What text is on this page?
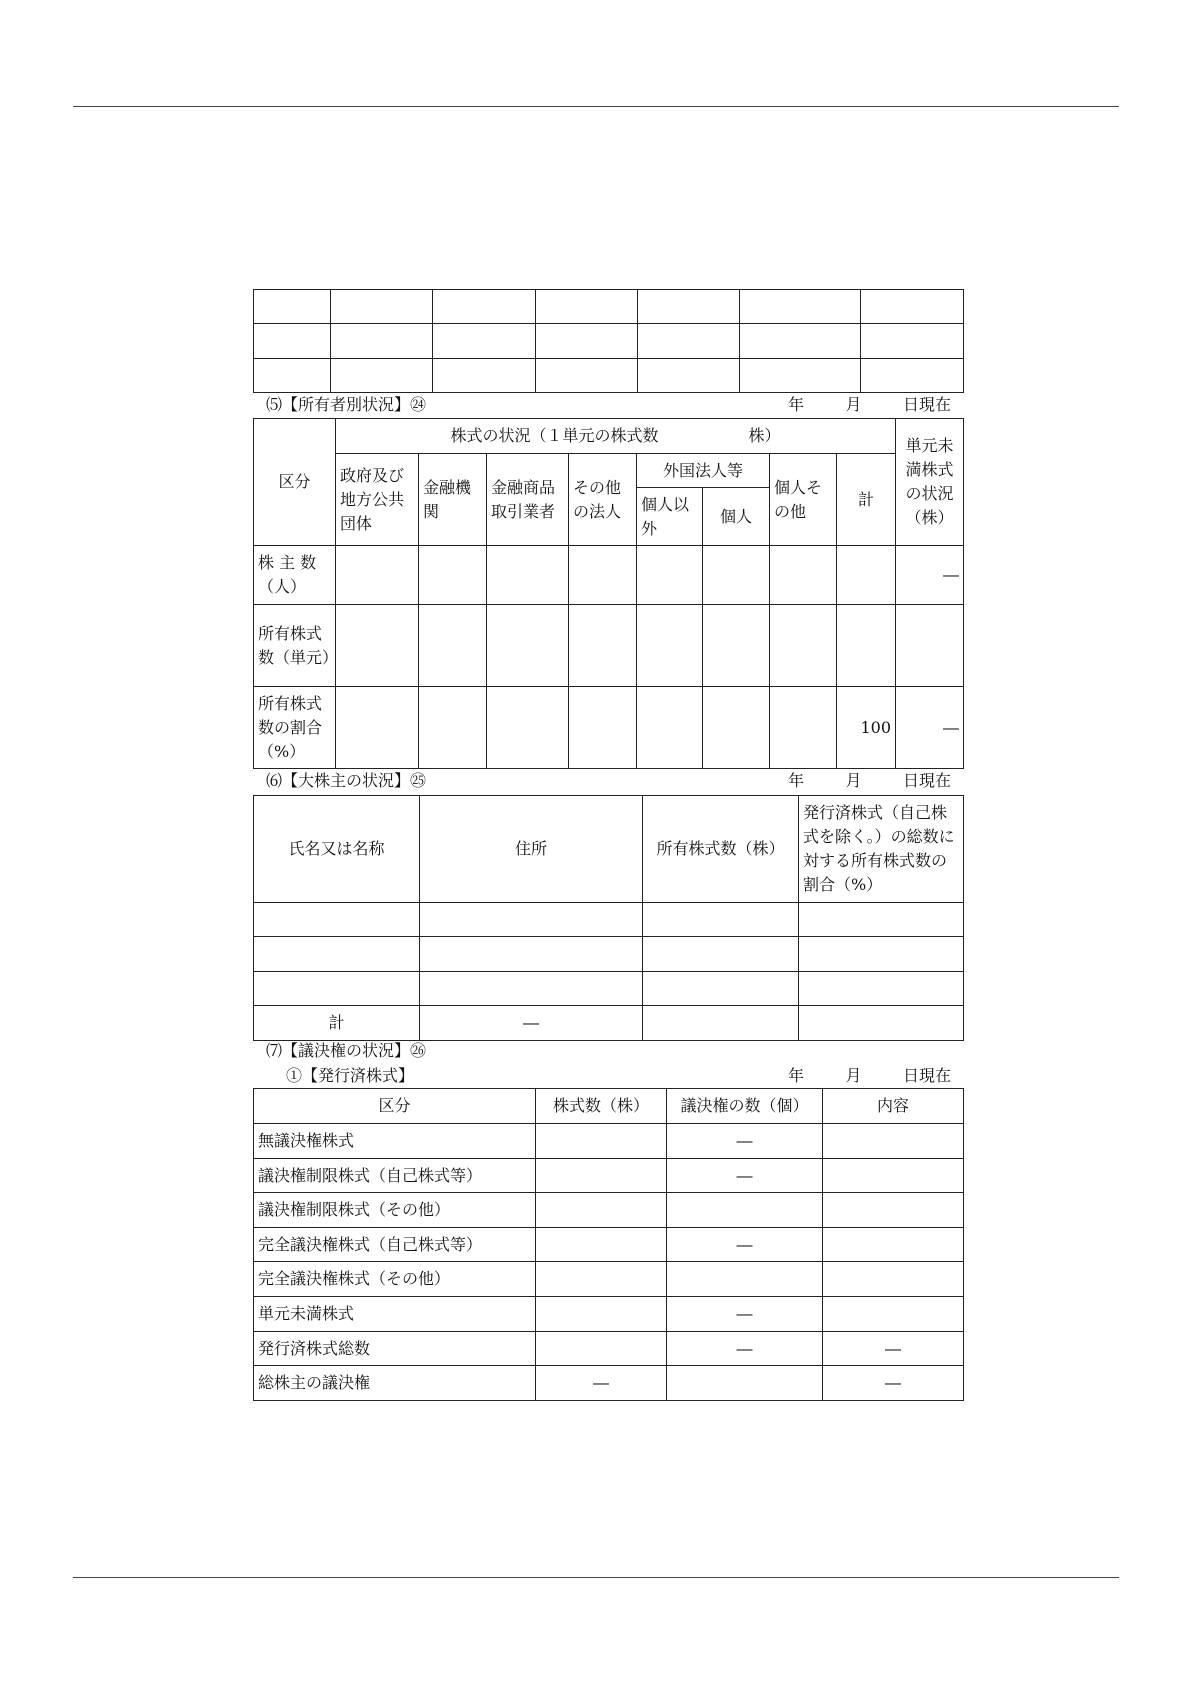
⑸【所有者別状況】㉔	年	月	日現在
区分	株式の状況（１単元の株式数 株）								単元未満株式の状況（株）
	政府及び地方公共団体	金融機関	金融商品取引業者	その他の法人	外国法人等		個人その他	計	
					個人以外	個人			
株 主 数（人）									―
所有株式数（単元）									
所有株式数の割合（%）								100	―
⑹【大株主の状況】㉕	年	月	日現在
氏名又は名称	住所	所有株式数（株）	発行済株式（自己株式を除く。）の総数に対する所有株式数の割合（%）

計	―		
⑺【議決権の状況】㉖
①【発行済株式】	年	月	日現在
区分	株式数（株）	議決権の数（個）	内容
無議決権株式		―	
議決権制限株式（自己株式等）		―	
議決権制限株式（その他）			
完全議決権株式（自己株式等）		―	
完全議決権株式（その他）			
単元未満株式		―	
発行済株式総数		―	―
総株主の議決権	―		―
